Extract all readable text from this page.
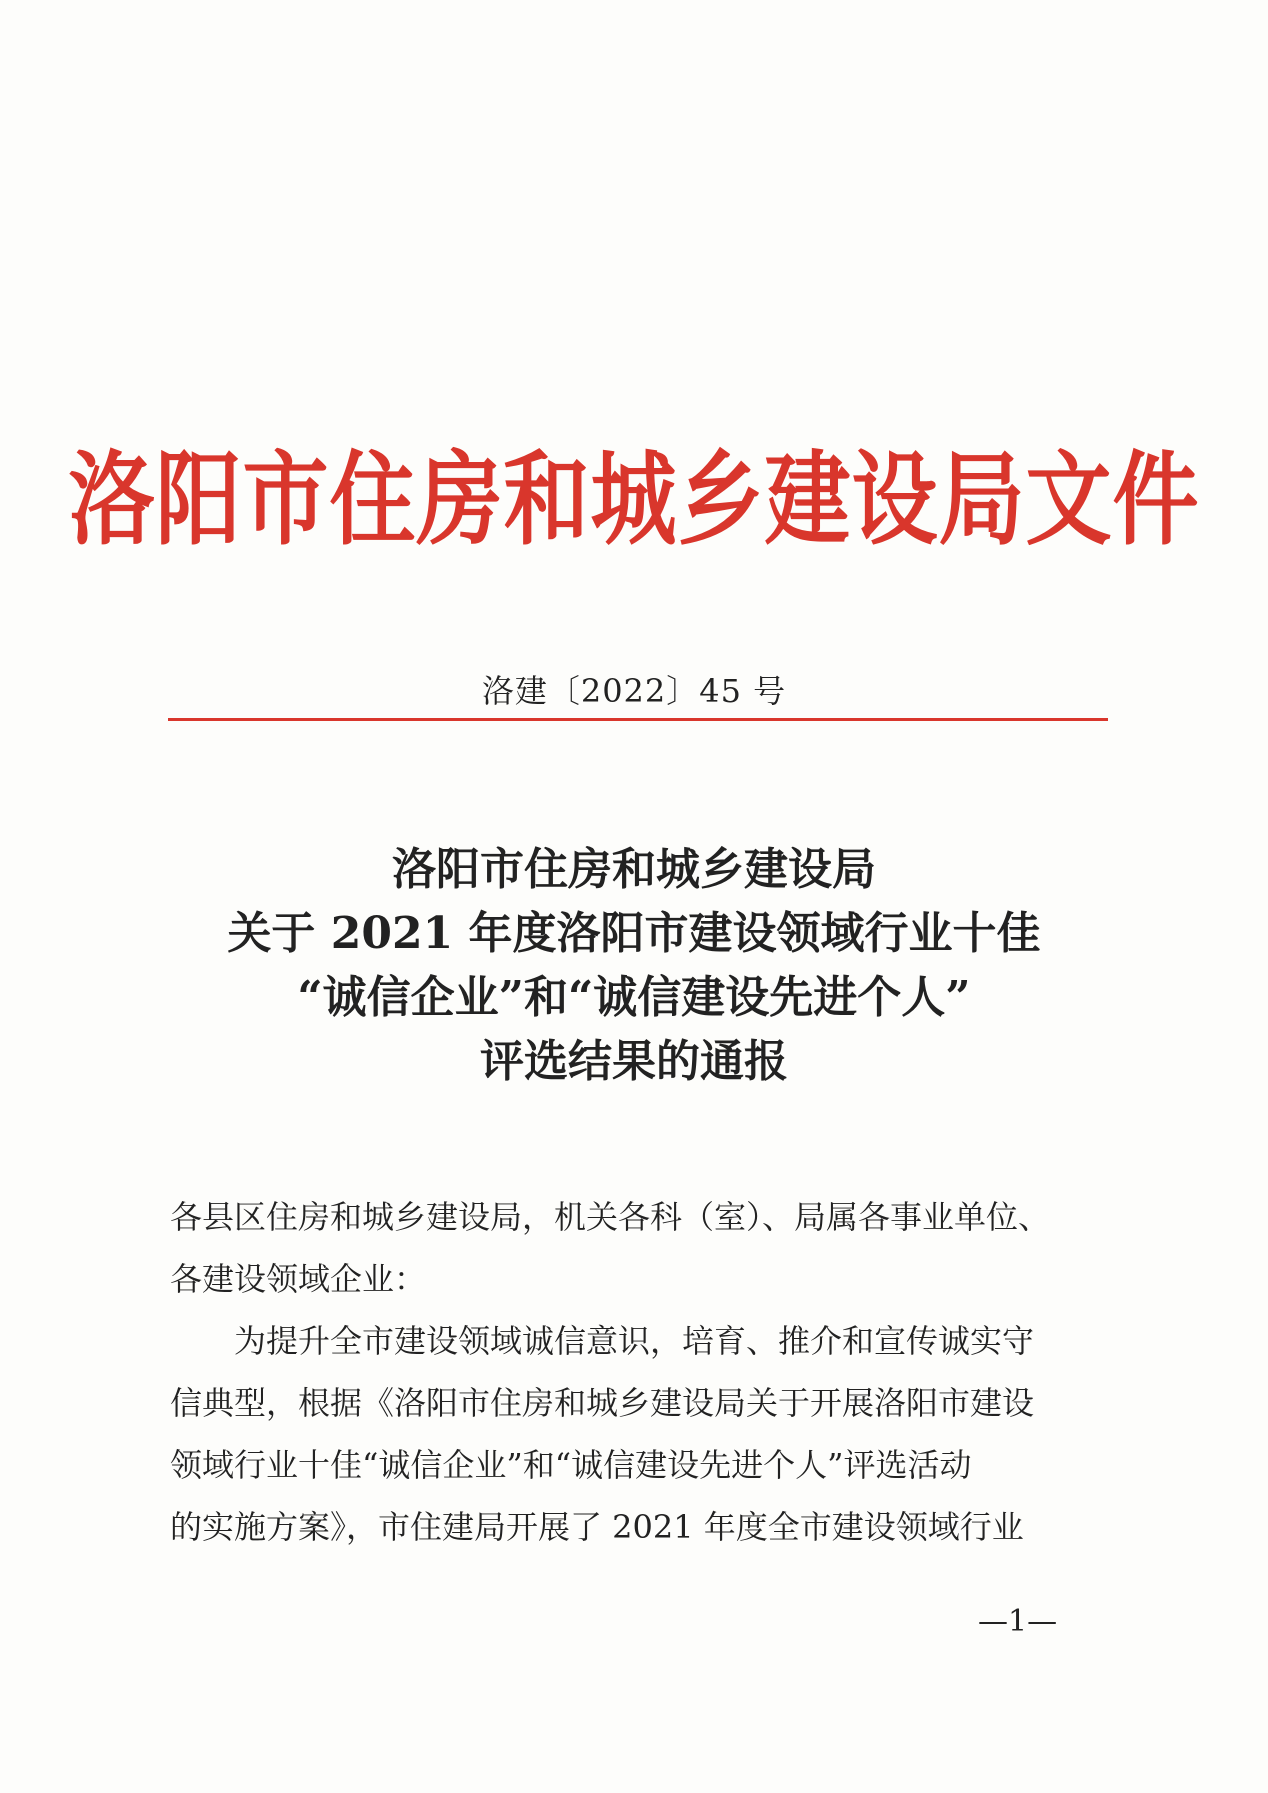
洛阳市住房和城乡建设局文件
洛建〔2022〕45 号
洛阳市住房和城乡建设局
关于 2021 年度洛阳市建设领域行业十佳
“诚信企业”和“诚信建设先进个人”
评选结果的通报
各县区住房和城乡建设局，机关各科（室）、局属各事业单位、
各建设领域企业：
为提升全市建设领域诚信意识，培育、推介和宣传诚实守
信典型，根据《洛阳市住房和城乡建设局关于开展洛阳市建设
领域行业十佳“诚信企业”和“诚信建设先进个人”评选活动
的实施方案》，市住建局开展了 2021 年度全市建设领域行业
—1—
